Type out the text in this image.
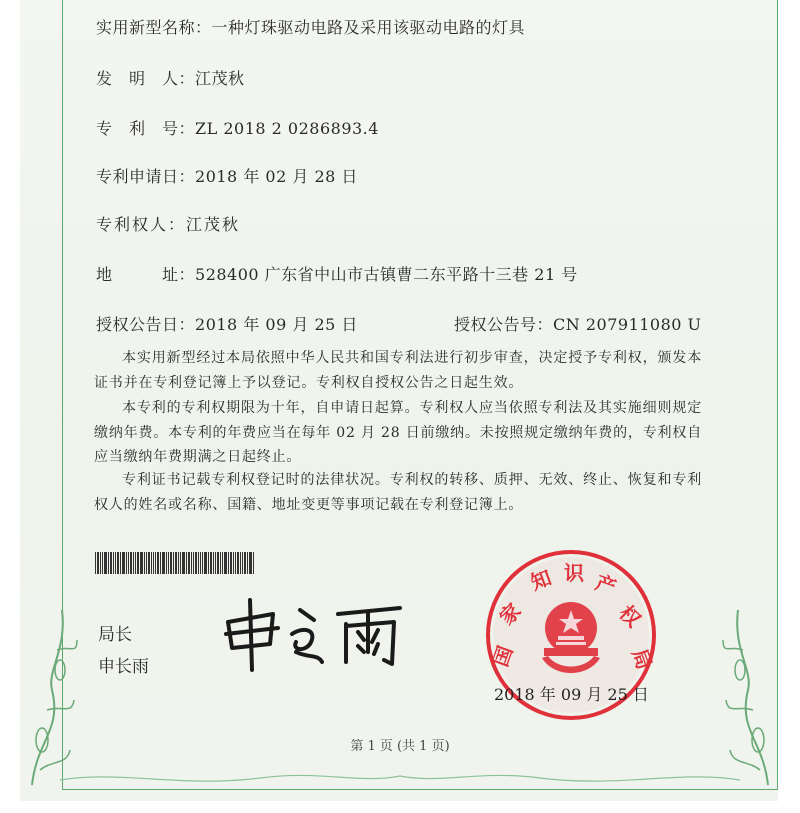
实用新型名称：一种灯珠驱动电路及采用该驱动电路的灯具
发　明　人：江茂秋
专　利　号：ZL 2018 2 0286893.4
专利申请日：2018 年 02 月 28 日
专利权人：江茂秋
地　　　址：528400 广东省中山市古镇曹二东平路十三巷 21 号
授权公告日：2018 年 09 月 25 日	授权公告号：CN 207911080 U
本实用新型经过本局依照中华人民共和国专利法进行初步审查，决定授予专利权，颁发本证书并在专利登记簿上予以登记。专利权自授权公告之日起生效。
本专利的专利权期限为十年，自申请日起算。专利权人应当依照专利法及其实施细则规定缴纳年费。本专利的年费应当在每年 02 月 28 日前缴纳。未按照规定缴纳年费的，专利权自应当缴纳年费期满之日起终止。
专利证书记载专利权登记时的法律状况。专利权的转移、质押、无效、终止、恢复和专利权人的姓名或名称、国籍、地址变更等事项记载在专利登记簿上。
局长
申长雨	国
家
知 识 产
权
局
2018 年 09 月 25 日
第 1 页 (共 1 页)
